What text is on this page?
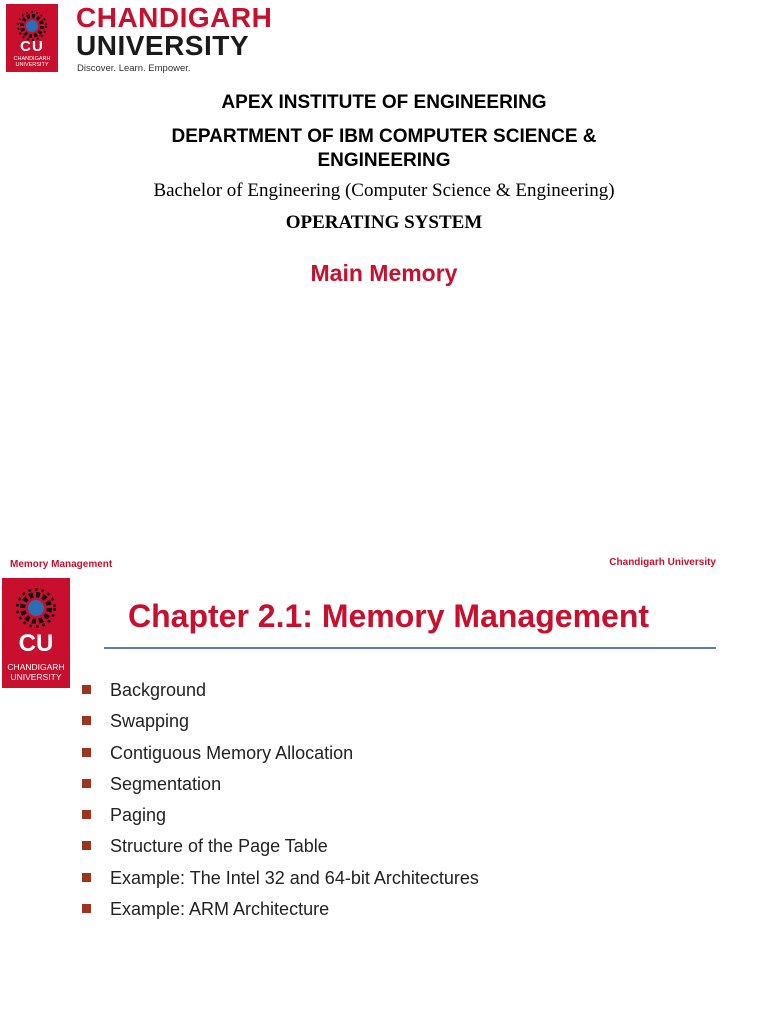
CU
CHANDIGARH
UNIVERSITY
CHANDIGARH
UNIVERSITY
Discover. Learn. Empower.
APEX INSTITUTE OF ENGINEERING
DEPARTMENT OF IBM COMPUTER SCIENCE & ENGINEERING
Bachelor of Engineering (Computer Science & Engineering)
OPERATING SYSTEM
Main Memory
Memory Management	Chandigarh University
CU
CHANDIGARH
UNIVERSITY
Chapter 2.1: Memory Management
Background
Swapping
Contiguous Memory Allocation
Segmentation
Paging
Structure of the Page Table
Example: The Intel 32 and 64-bit Architectures
Example: ARM Architecture
